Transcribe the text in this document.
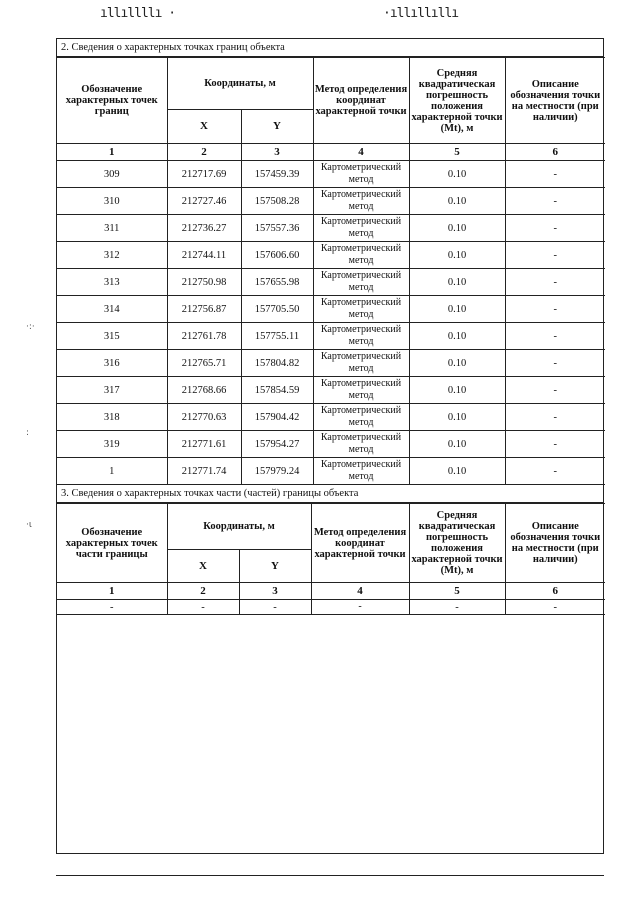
ıllıllllı ·	·ıllıllıllı
·:·
:
·ι
2. Сведения о характерных точках границ объекта
Обозначение характерных точек границ	Координаты, м		Метод определения координат характерной точки	Средняя квадратическая погрешность положения характерной точки (Mt), м	Описание обозначения точки на местности (при наличии)
	X	Y			
1	2	3	4	5	6
309	212717.69	157459.39	Картометрический метод	0.10	-
310	212727.46	157508.28	Картометрический метод	0.10	-
311	212736.27	157557.36	Картометрический метод	0.10	-
312	212744.11	157606.60	Картометрический метод	0.10	-
313	212750.98	157655.98	Картометрический метод	0.10	-
314	212756.87	157705.50	Картометрический метод	0.10	-
315	212761.78	157755.11	Картометрический метод	0.10	-
316	212765.71	157804.82	Картометрический метод	0.10	-
317	212768.66	157854.59	Картометрический метод	0.10	-
318	212770.63	157904.42	Картометрический метод	0.10	-
319	212771.61	157954.27	Картометрический метод	0.10	-
1	212771.74	157979.24	Картометрический метод	0.10	-
3. Сведения о характерных точках части (частей) границы объекта
Обозначение характерных точек части границы	Координаты, м		Метод определения координат характерной точки	Средняя квадратическая погрешность положения характерной точки (Mt), м	Описание обозначения точки на местности (при наличии)
	X	Y			
1	2	3	4	5	6
-	-	-	-	-	-
